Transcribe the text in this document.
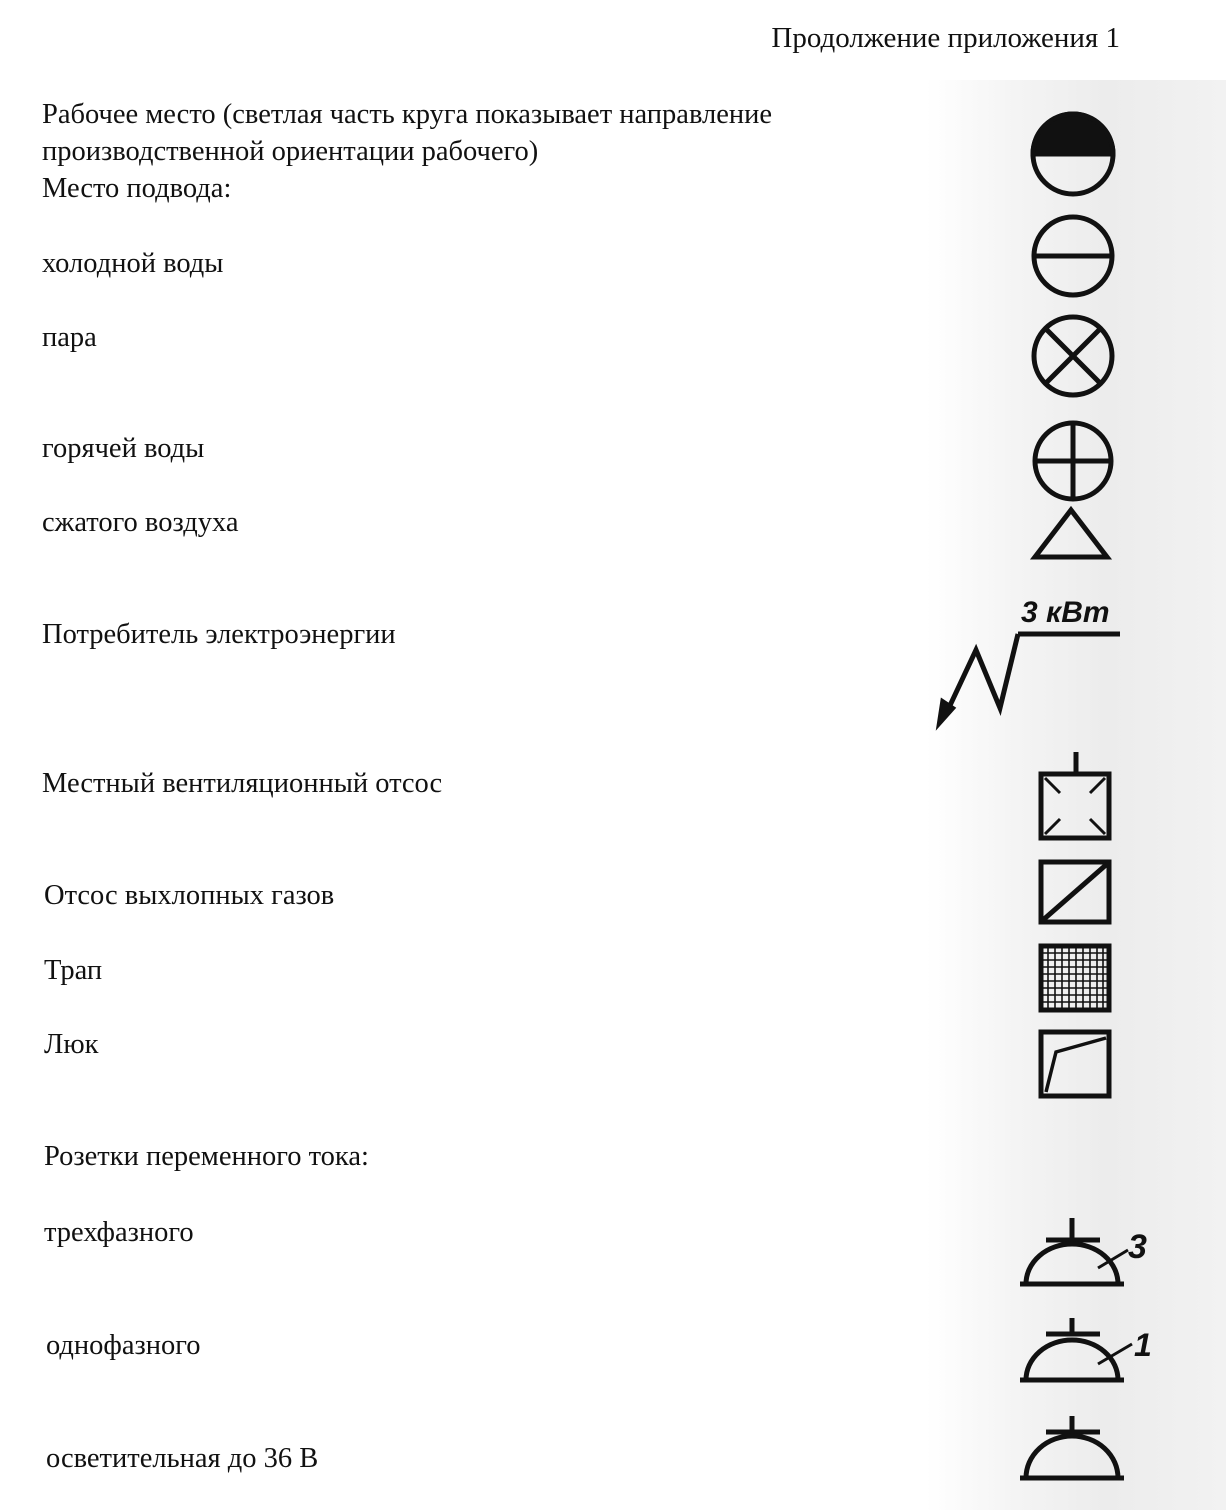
Продолжение приложения 1
Рабочее место (светлая часть круга показывает направление
производственной ориентации рабочего)
Место подвода:
холодной воды
пара
горячей воды
сжатого воздуха
Потребитель электроэнергии
Местный вентиляционный отсос
Отсос выхлопных газов
Трап
Люк
Розетки переменного тока:
трехфазного
однофазного
осветительная до 36 В
3 кВт
3
1
